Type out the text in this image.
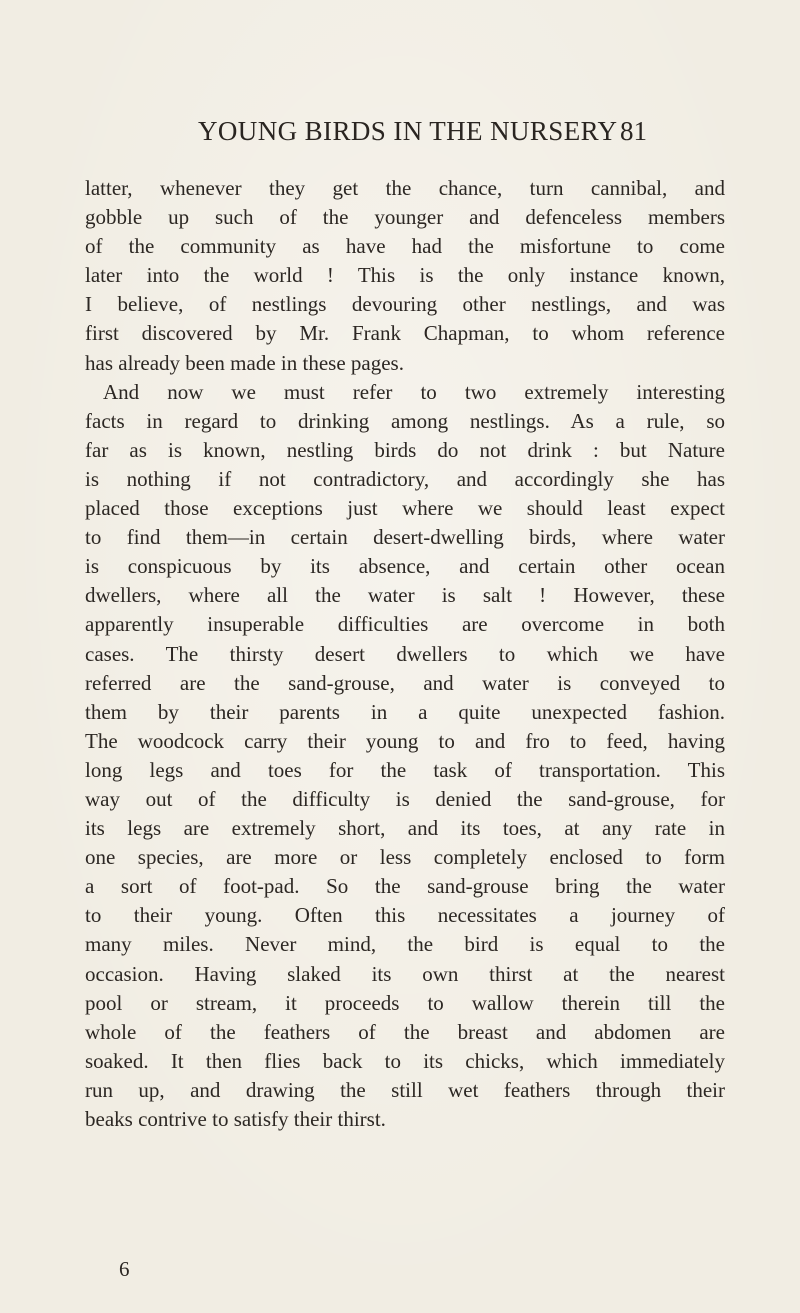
YOUNG BIRDS IN THE NURSERY 81
latter, whenever they get the chance, turn cannibal, and
gobble up such of the younger and defenceless members
of the community as have had the misfortune to come
later into the world ! This is the only instance known,
I believe, of nestlings devouring other nestlings, and was
first discovered by Mr. Frank Chapman, to whom reference
has already been made in these pages.
And now we must refer to two extremely interesting
facts in regard to drinking among nestlings. As a rule, so
far as is known, nestling birds do not drink : but Nature
is nothing if not contradictory, and accordingly she has
placed those exceptions just where we should least expect
to find them—in certain desert-dwelling birds, where water
is conspicuous by its absence, and certain other ocean
dwellers, where all the water is salt ! However, these
apparently insuperable difficulties are overcome in both
cases. The thirsty desert dwellers to which we have
referred are the sand-grouse, and water is conveyed to
them by their parents in a quite unexpected fashion.
The woodcock carry their young to and fro to feed, having
long legs and toes for the task of transportation. This
way out of the difficulty is denied the sand-grouse, for
its legs are extremely short, and its toes, at any rate in
one species, are more or less completely enclosed to form
a sort of foot-pad. So the sand-grouse bring the water
to their young. Often this necessitates a journey of
many miles. Never mind, the bird is equal to the
occasion. Having slaked its own thirst at the nearest
pool or stream, it proceeds to wallow therein till the
whole of the feathers of the breast and abdomen are
soaked. It then flies back to its chicks, which immediately
run up, and drawing the still wet feathers through their
beaks contrive to satisfy their thirst.
6
